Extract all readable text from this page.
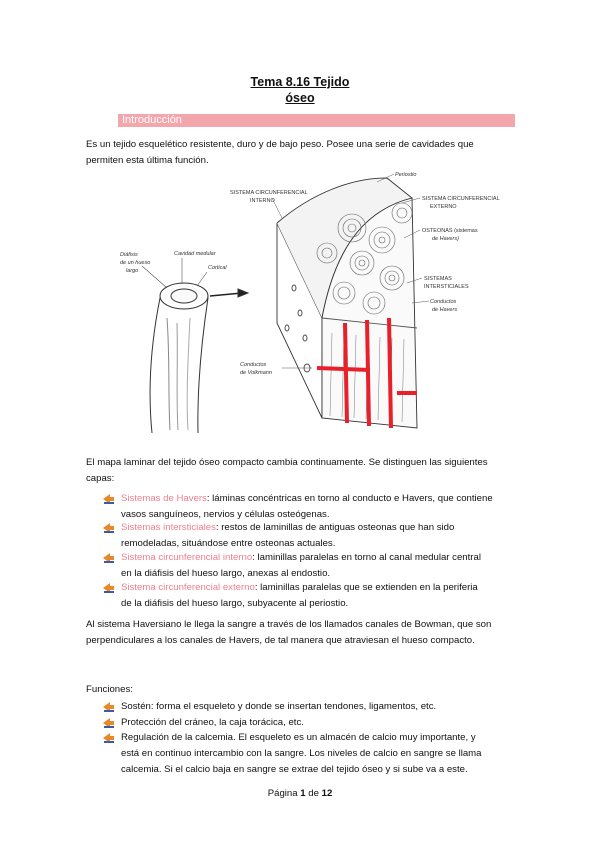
Tema 8.16 Tejido
óseo
Introducción
Es un tejido esquelético resistente, duro y de bajo peso. Posee una serie de cavidades que
permiten esta última función.
Diáfisis
de un hueso
largo
Cavidad medular
Cortical
Periostio
SISTEMA CIRCUNFERENCIAL
INTERNO	SISTEMA CIRCUNFERENCIAL
EXTERNO
OSTEONAS (sistemas
de Havers)
SISTEMAS
INTERSTICIALES
Conductos
de Havers
Conductos
de Volkmann
El mapa laminar del tejido óseo compacto cambia continuamente. Se distinguen las siguientes
capas:
Sistemas de Havers: láminas concéntricas en torno al conducto e Havers, que contiene
vasos sanguíneos, nervios y células osteógenas.
Sistemas intersticiales: restos de laminillas de antiguas osteonas que han sido
remodeladas, situándose entre osteonas actuales.
Sistema circunferencial interno: laminillas paralelas en torno al canal medular central
en la diáfisis del hueso largo, anexas al endostio.
Sistema circunferencial externo: laminillas paralelas que se extienden en la periferia
de la diáfisis del hueso largo, subyacente al periostio.
Al sistema Haversiano le llega la sangre a través de los llamados canales de Bowman, que son
perpendiculares a los canales de Havers, de tal manera que atraviesan el hueso compacto.
Funciones:
Sostén: forma el esqueleto y donde se insertan tendones, ligamentos, etc.
Protección del cráneo, la caja torácica, etc.
Regulación de la calcemia. El esqueleto es un almacén de calcio muy importante, y
está en continuo intercambio con la sangre. Los niveles de calcio en sangre se llama
calcemia. Si el calcio baja en sangre se extrae del tejido óseo y si sube va a este.
Página 1 de 12
